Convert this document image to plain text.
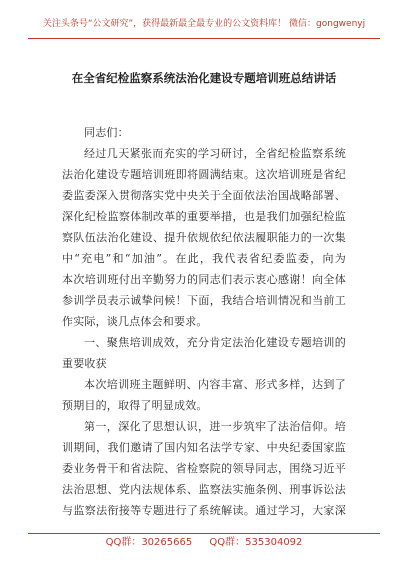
关注头条号“公文研究”，获得最新最全最专业的公文资料库！ 微信：gongwenyj
在全省纪检监察系统法治化建设专题培训班总结讲话
同志们：
经过几天紧张而充实的学习研讨，全省纪检监察系统
法治化建设专题培训班即将圆满结束。这次培训班是省纪
委监委深入贯彻落实党中央关于全面依法治国战略部署、
深化纪检监察体制改革的重要举措，也是我们加强纪检监
察队伍法治化建设、提升依规依纪依法履职能力的一次集
中“充电”和“加油”。在此，我代表省纪委监委，向为
本次培训班付出辛勤努力的同志们表示衷心感谢！向全体
参训学员表示诚挚问候！下面，我结合培训情况和当前工
作实际，谈几点体会和要求。
一、聚焦培训成效，充分肯定法治化建设专题培训的
重要收获
本次培训班主题鲜明、内容丰富、形式多样，达到了
预期目的，取得了明显成效。
第一，深化了思想认识，进一步筑牢了法治信仰。培
训期间，我们邀请了国内知名法学专家、中央纪委国家监
委业务骨干和省法院、省检察院的领导同志，围绕习近平
法治思想、党内法规体系、监察法实施条例、刑事诉讼法
与监察法衔接等专题进行了系统解读。通过学习，大家深
QQ群：30265665 QQ群：535304092
